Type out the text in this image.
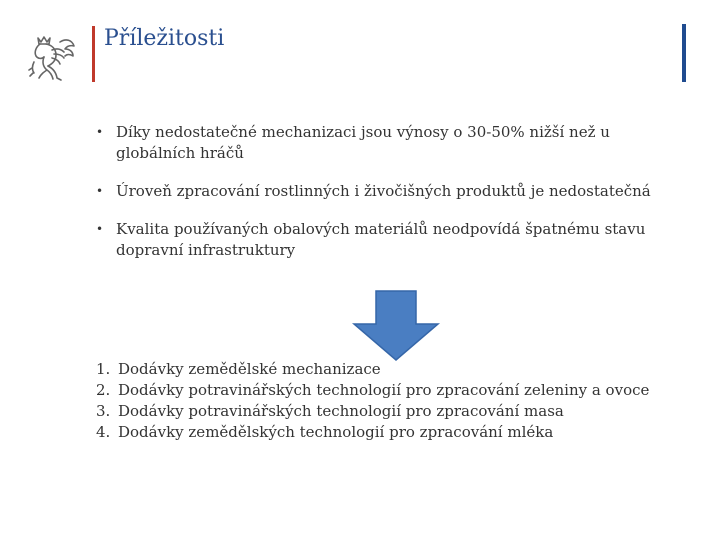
Příležitosti
• Díky nedostatečné mechanizaci jsou výnosy o 30-50% nižší než u globálních hráčů
• Úroveň zpracování rostlinných i živočišných produktů je nedostatečná
• Kvalita používaných obalových materiálů neodpovídá špatnému stavu dopravní infrastruktury
1. Dodávky zemědělské mechanizace
2. Dodávky potravinářských technologií pro zpracování zeleniny a ovoce
3. Dodávky potravinářských technologií pro zpracování masa
4. Dodávky zemědělských technologií pro zpracování mléka
